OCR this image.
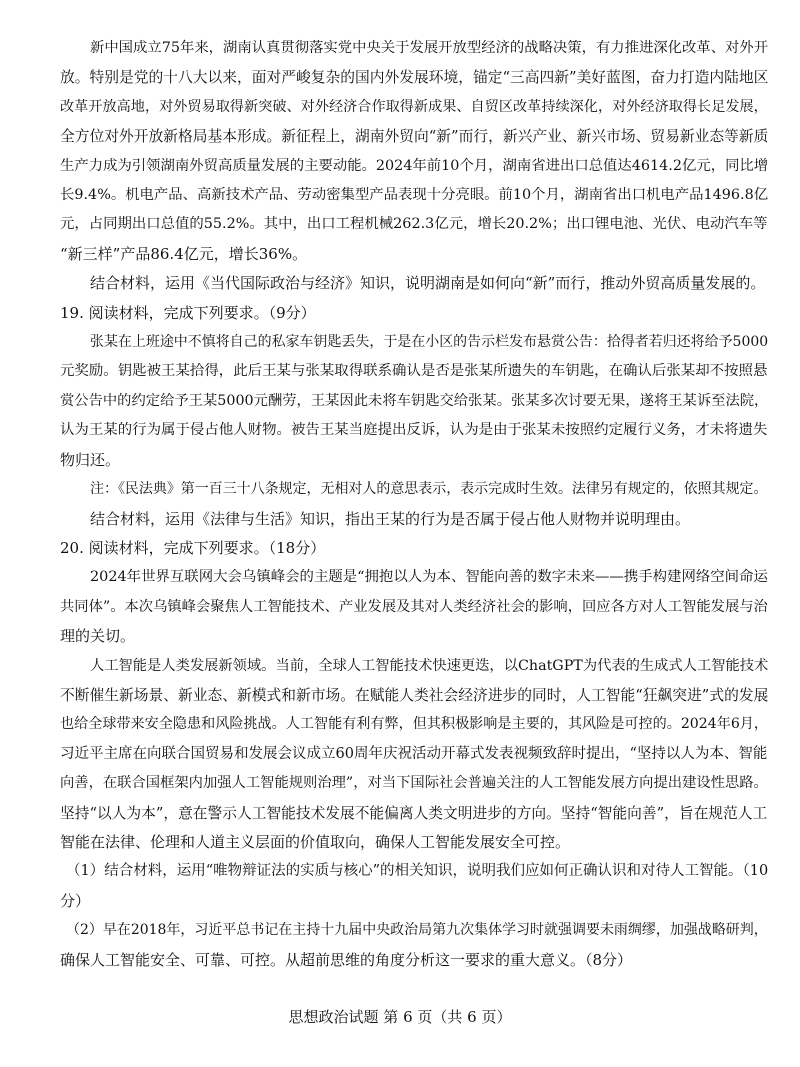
新中国成立75年来，湖南认真贯彻落实党中央关于发展开放型经济的战略决策，有力推进深化改革、对外开
放。特别是党的十八大以来，面对严峻复杂的国内外发展环境，锚定“三高四新”美好蓝图，奋力打造内陆地区
改革开放高地，对外贸易取得新突破、对外经济合作取得新成果、自贸区改革持续深化，对外经济取得长足发展，
全方位对外开放新格局基本形成。新征程上，湖南外贸向“新”而行，新兴产业、新兴市场、贸易新业态等新质
生产力成为引领湖南外贸高质量发展的主要动能。2024年前10个月，湖南省进出口总值达4614.2亿元，同比增
长9.4%。机电产品、高新技术产品、劳动密集型产品表现十分亮眼。前10个月，湖南省出口机电产品1496.8亿
元，占同期出口总值的55.2%。其中，出口工程机械262.3亿元，增长20.2%；出口锂电池、光伏、电动汽车等
“新三样”产品86.4亿元，增长36%。
结合材料，运用《当代国际政治与经济》知识，说明湖南是如何向“新”而行，推动外贸高质量发展的。
19. 阅读材料，完成下列要求。（9分）
张某在上班途中不慎将自己的私家车钥匙丢失，于是在小区的告示栏发布悬赏公告：拾得者若归还将给予5000
元奖励。钥匙被王某拾得，此后王某与张某取得联系确认是否是张某所遗失的车钥匙，在确认后张某却不按照悬
赏公告中的约定给予王某5000元酬劳，王某因此未将车钥匙交给张某。张某多次讨要无果，遂将王某诉至法院，
认为王某的行为属于侵占他人财物。被告王某当庭提出反诉，认为是由于张某未按照约定履行义务，才未将遗失
物归还。
注：《民法典》第一百三十八条规定，无相对人的意思表示，表示完成时生效。法律另有规定的，依照其规定。
结合材料，运用《法律与生活》知识，指出王某的行为是否属于侵占他人财物并说明理由。
20. 阅读材料，完成下列要求。（18分）
2024年世界互联网大会乌镇峰会的主题是“拥抱以人为本、智能向善的数字未来——携手构建网络空间命运
共同体”。本次乌镇峰会聚焦人工智能技术、产业发展及其对人类经济社会的影响，回应各方对人工智能发展与治
理的关切。
人工智能是人类发展新领域。当前，全球人工智能技术快速更迭，以ChatGPT为代表的生成式人工智能技术
不断催生新场景、新业态、新模式和新市场。在赋能人类社会经济进步的同时，人工智能“狂飙突进”式的发展
也给全球带来安全隐患和风险挑战。人工智能有利有弊，但其积极影响是主要的，其风险是可控的。2024年6月，
习近平主席在向联合国贸易和发展会议成立60周年庆祝活动开幕式发表视频致辞时提出，“坚持以人为本、智能
向善，在联合国框架内加强人工智能规则治理”，对当下国际社会普遍关注的人工智能发展方向提出建设性思路。
坚持“以人为本”，意在警示人工智能技术发展不能偏离人类文明进步的方向。坚持“智能向善”，旨在规范人工
智能在法律、伦理和人道主义层面的价值取向，确保人工智能发展安全可控。
（1）结合材料，运用“唯物辩证法的实质与核心”的相关知识，说明我们应如何正确认识和对待人工智能。（10
分）
（2）早在2018年，习近平总书记在主持十九届中央政治局第九次集体学习时就强调要未雨绸缪，加强战略研判，
确保人工智能安全、可靠、可控。从超前思维的角度分析这一要求的重大意义。（8分）
思想政治试题 第 6 页（共 6 页）
